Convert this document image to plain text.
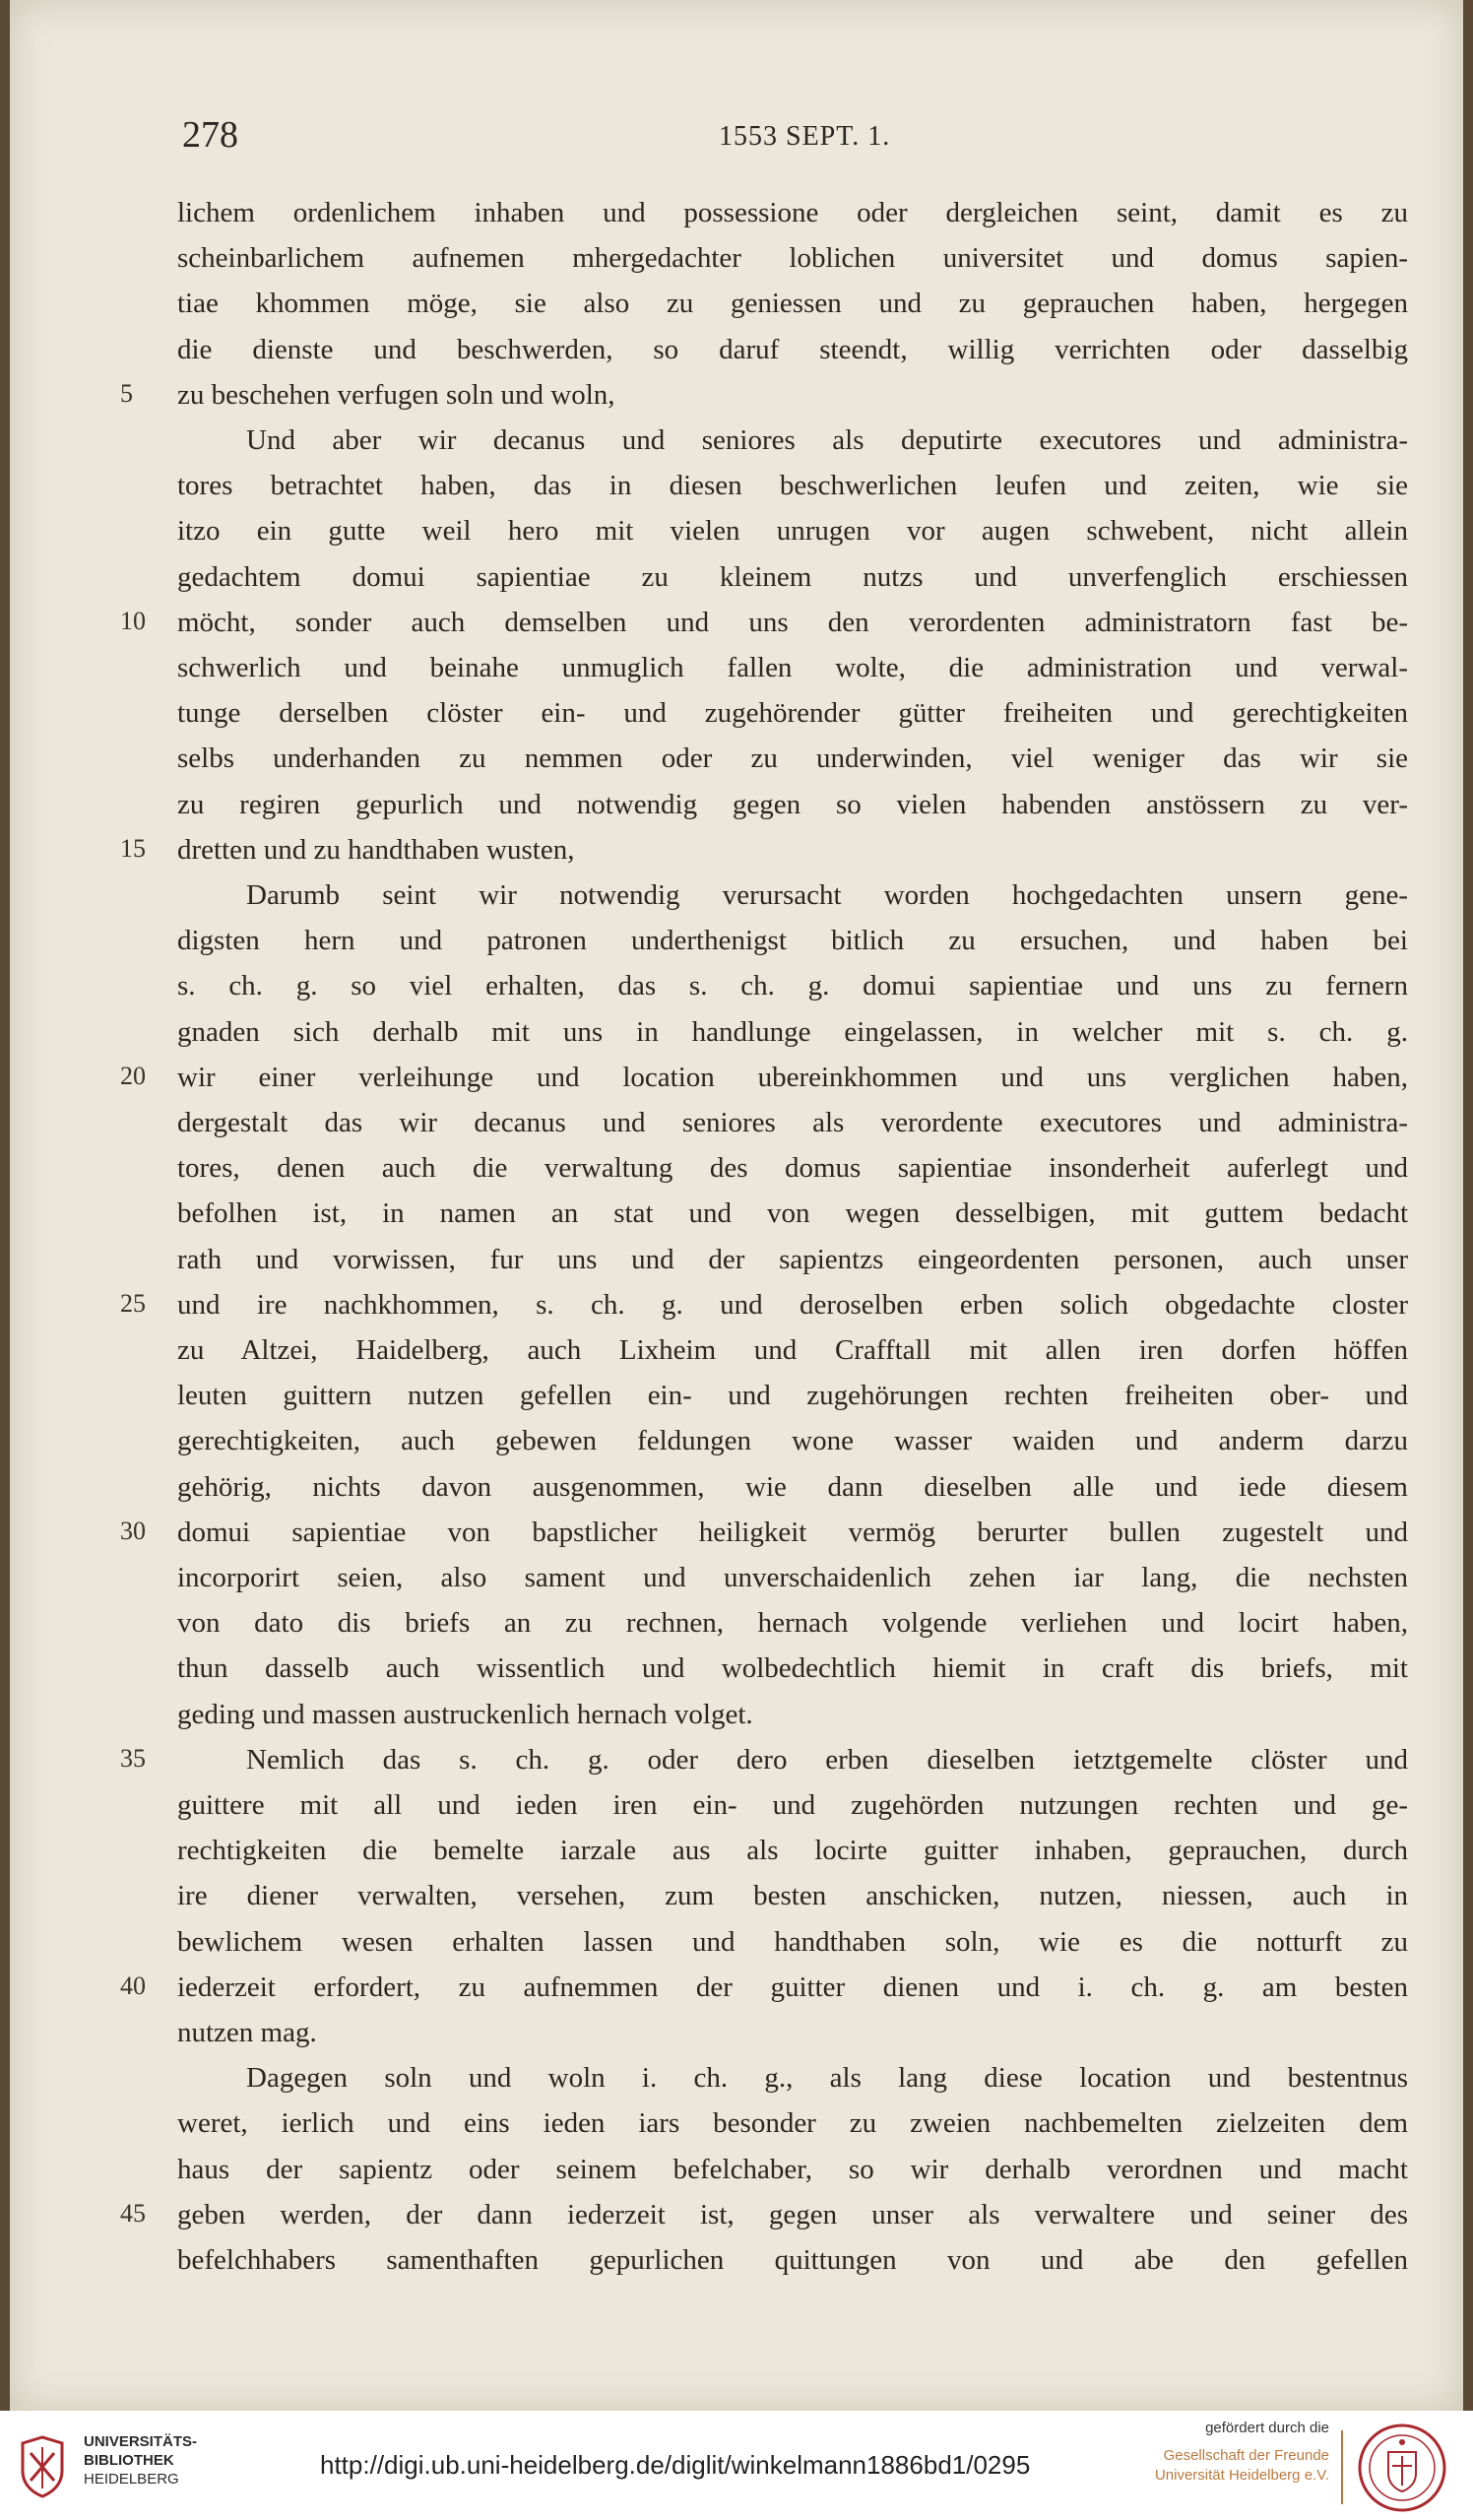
278	1553 SEPT. 1.
lichem ordenlichem inhaben und possessione oder dergleichen seint, damit es zu
scheinbarlichem aufnemen mhergedachter loblichen universitet und domus sapien-
tiae khommen möge, sie also zu geniessen und zu geprauchen haben, hergegen
die dienste und beschwerden, so daruf steendt, willig verrichten oder dasselbig
5	zu beschehen verfugen soln und woln,
Und aber wir decanus und seniores als deputirte executores und administra-
tores betrachtet haben, das in diesen beschwerlichen leufen und zeiten, wie sie
itzo ein gutte weil hero mit vielen unrugen vor augen schwebent, nicht allein
gedachtem domui sapientiae zu kleinem nutzs und unverfenglich erschiessen
10	möcht, sonder auch demselben und uns den verordenten administratorn fast be-
schwerlich und beinahe unmuglich fallen wolte, die administration und verwal-
tunge derselben clöster ein- und zugehörender gütter freiheiten und gerechtigkeiten
selbs underhanden zu nemmen oder zu underwinden, viel weniger das wir sie
zu regiren gepurlich und notwendig gegen so vielen habenden anstössern zu ver-
15	dretten und zu handthaben wusten,
Darumb seint wir notwendig verursacht worden hochgedachten unsern gene-
digsten hern und patronen underthenigst bitlich zu ersuchen, und haben bei
s. ch. g. so viel erhalten, das s. ch. g. domui sapientiae und uns zu fernern
gnaden sich derhalb mit uns in handlunge eingelassen, in welcher mit s. ch. g.
20	wir einer verleihunge und location ubereinkhommen und uns verglichen haben,
dergestalt das wir decanus und seniores als verordente executores und administra-
tores, denen auch die verwaltung des domus sapientiae insonderheit auferlegt und
befolhen ist, in namen an stat und von wegen desselbigen, mit guttem bedacht
rath und vorwissen, fur uns und der sapientzs eingeordenten personen, auch unser
25	und ire nachkhommen, s. ch. g. und deroselben erben solich obgedachte closter
zu Altzei, Haidelberg, auch Lixheim und Crafftall mit allen iren dorfen höffen
leuten guittern nutzen gefellen ein- und zugehörungen rechten freiheiten ober- und
gerechtigkeiten, auch gebewen feldungen wone wasser waiden und anderm darzu
gehörig, nichts davon ausgenommen, wie dann dieselben alle und iede diesem
30	domui sapientiae von bapstlicher heiligkeit vermög berurter bullen zugestelt und
incorporirt seien, also sament und unverschaidenlich zehen iar lang, die nechsten
von dato dis briefs an zu rechnen, hernach volgende verliehen und locirt haben,
thun dasselb auch wissentlich und wolbedechtlich hiemit in craft dis briefs, mit
geding und massen austruckenlich hernach volget.
35	Nemlich das s. ch. g. oder dero erben dieselben ietztgemelte clöster und
guittere mit all und ieden iren ein- und zugehörden nutzungen rechten und ge-
rechtigkeiten die bemelte iarzale aus als locirte guitter inhaben, geprauchen, durch
ire diener verwalten, versehen, zum besten anschicken, nutzen, niessen, auch in
bewlichem wesen erhalten lassen und handthaben soln, wie es die notturft zu
40	iederzeit erfordert, zu aufnemmen der guitter dienen und i. ch. g. am besten
nutzen mag.
Dagegen soln und woln i. ch. g., als lang diese location und bestentnus
weret, ierlich und eins ieden iars besonder zu zweien nachbemelten zielzeiten dem
haus der sapientz oder seinem befelchaber, so wir derhalb verordnen und macht
45	geben werden, der dann iederzeit ist, gegen unser als verwaltere und seiner des
befelchhabers samenthaften gepurlichen quittungen von und abe den gefellen
UNIVERSITÄTS-
BIBLIOTHEK
HEIDELBERG	http://digi.ub.uni-heidelberg.de/diglit/winkelmann1886bd1/0295
gefördert durch die
Gesellschaft der Freunde
Universität Heidelberg e.V.
